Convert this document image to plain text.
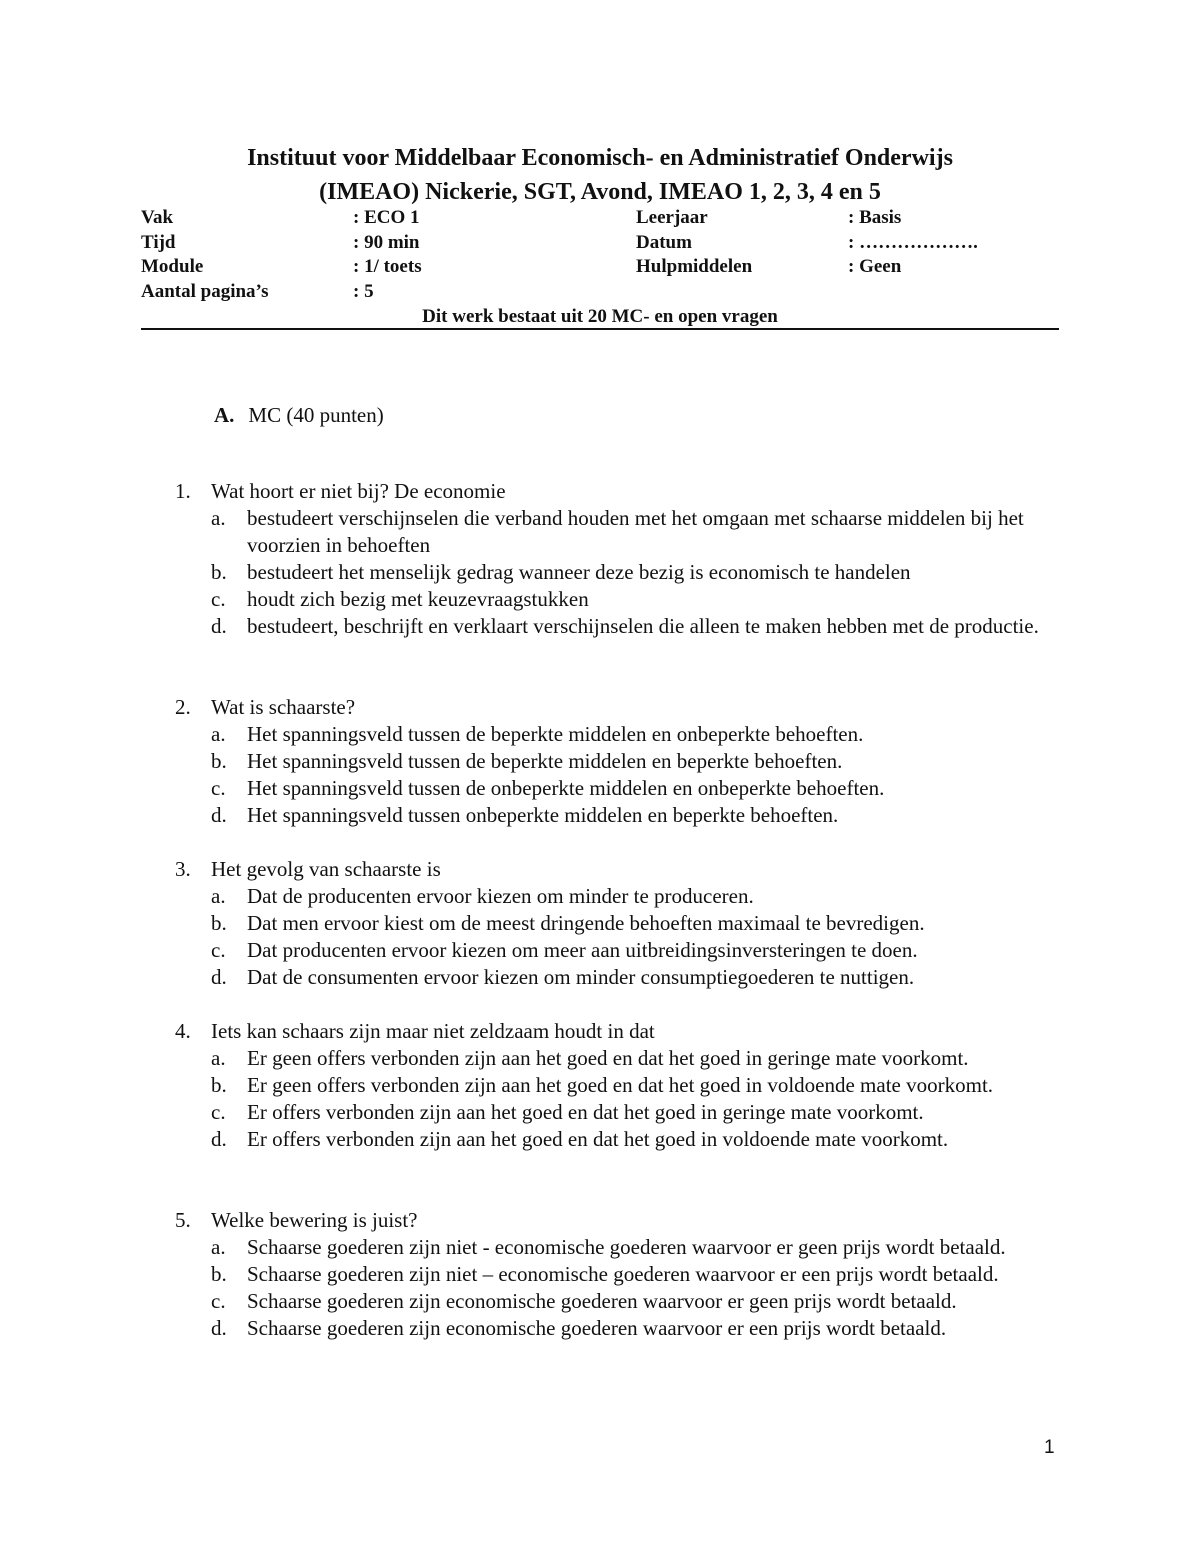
Instituut voor Middelbaar Economisch- en Administratief Onderwijs
(IMEAO) Nickerie, SGT, Avond, IMEAO 1, 2, 3, 4 en 5
Vak	: ECO 1	Leerjaar	: Basis
Tijd	: 90 min	Datum	: ……………….
Module	: 1/ toets	Hulpmiddelen	: Geen
Aantal pagina’s	: 5
Dit werk bestaat uit 20 MC- en open vragen
A. MC (40 punten)
1. Wat hoort er niet bij? De economie
a. bestudeert verschijnselen die verband houden met het omgaan met schaarse middelen bij het voorzien in behoeften
b. bestudeert het menselijk gedrag wanneer deze bezig is economisch te handelen
c. houdt zich bezig met keuzevraagstukken
d. bestudeert, beschrijft en verklaart verschijnselen die alleen te maken hebben met de productie.
2. Wat is schaarste?
a. Het spanningsveld tussen de beperkte middelen en onbeperkte behoeften.
b. Het spanningsveld tussen de beperkte middelen en beperkte behoeften.
c. Het spanningsveld tussen de onbeperkte middelen en onbeperkte behoeften.
d. Het spanningsveld tussen onbeperkte middelen en beperkte behoeften.
3. Het gevolg van schaarste is
a. Dat de producenten ervoor kiezen om minder te produceren.
b. Dat men ervoor kiest om de meest dringende behoeften maximaal te bevredigen.
c. Dat producenten ervoor kiezen om meer aan uitbreidingsinversteringen te doen.
d. Dat de consumenten ervoor kiezen om minder consumptiegoederen te nuttigen.
4. Iets kan schaars zijn maar niet zeldzaam houdt in dat
a. Er geen offers verbonden zijn aan het goed en dat het goed in geringe mate voorkomt.
b. Er geen offers verbonden zijn aan het goed en dat het goed in voldoende mate voorkomt.
c. Er offers verbonden zijn aan het goed en dat het goed in geringe mate voorkomt.
d. Er offers verbonden zijn aan het goed en dat het goed in voldoende mate voorkomt.
5. Welke bewering is juist?
a. Schaarse goederen zijn niet - economische goederen waarvoor er geen prijs wordt betaald.
b. Schaarse goederen zijn niet – economische goederen waarvoor er een prijs wordt betaald.
c. Schaarse goederen zijn economische goederen waarvoor er geen prijs wordt betaald.
d. Schaarse goederen zijn economische goederen waarvoor er een prijs wordt betaald.
1
